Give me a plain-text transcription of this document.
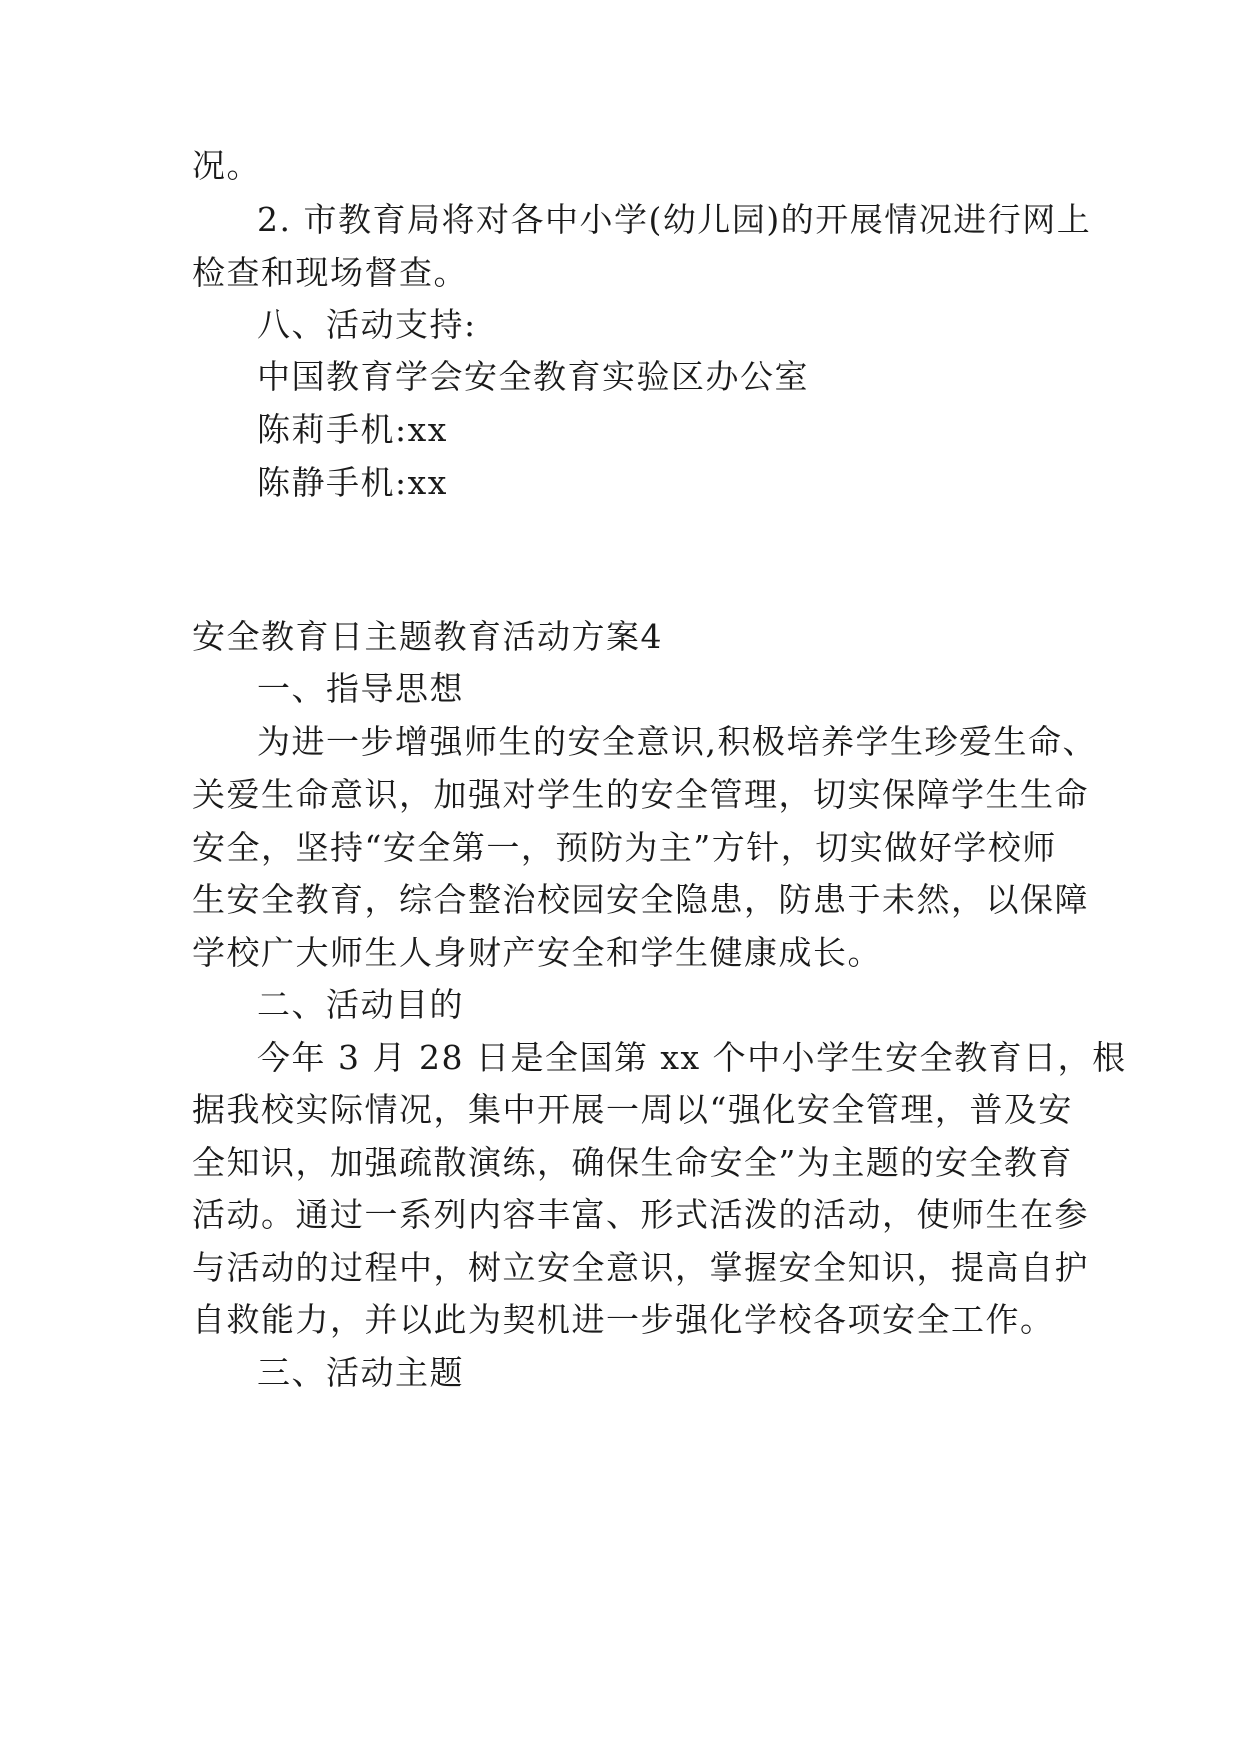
况。
2. 市教育局将对各中小学(幼儿园)的开展情况进行网上
检查和现场督查。
八、活动支持:
中国教育学会安全教育实验区办公室
陈莉手机:xx
陈静手机:xx
安全教育日主题教育活动方案4
一、指导思想
为进一步增强师生的安全意识,积极培养学生珍爱生命、
关爱生命意识，加强对学生的安全管理，切实保障学生生命
安全，坚持“安全第一，预防为主”方针，切实做好学校师
生安全教育，综合整治校园安全隐患，防患于未然，以保障
学校广大师生人身财产安全和学生健康成长。
二、活动目的
今年 3 月 28 日是全国第 xx 个中小学生安全教育日，根
据我校实际情况，集中开展一周以“强化安全管理，普及安
全知识，加强疏散演练，确保生命安全”为主题的安全教育
活动。通过一系列内容丰富、形式活泼的活动，使师生在参
与活动的过程中，树立安全意识，掌握安全知识，提高自护
自救能力，并以此为契机进一步强化学校各项安全工作。
三、活动主题
